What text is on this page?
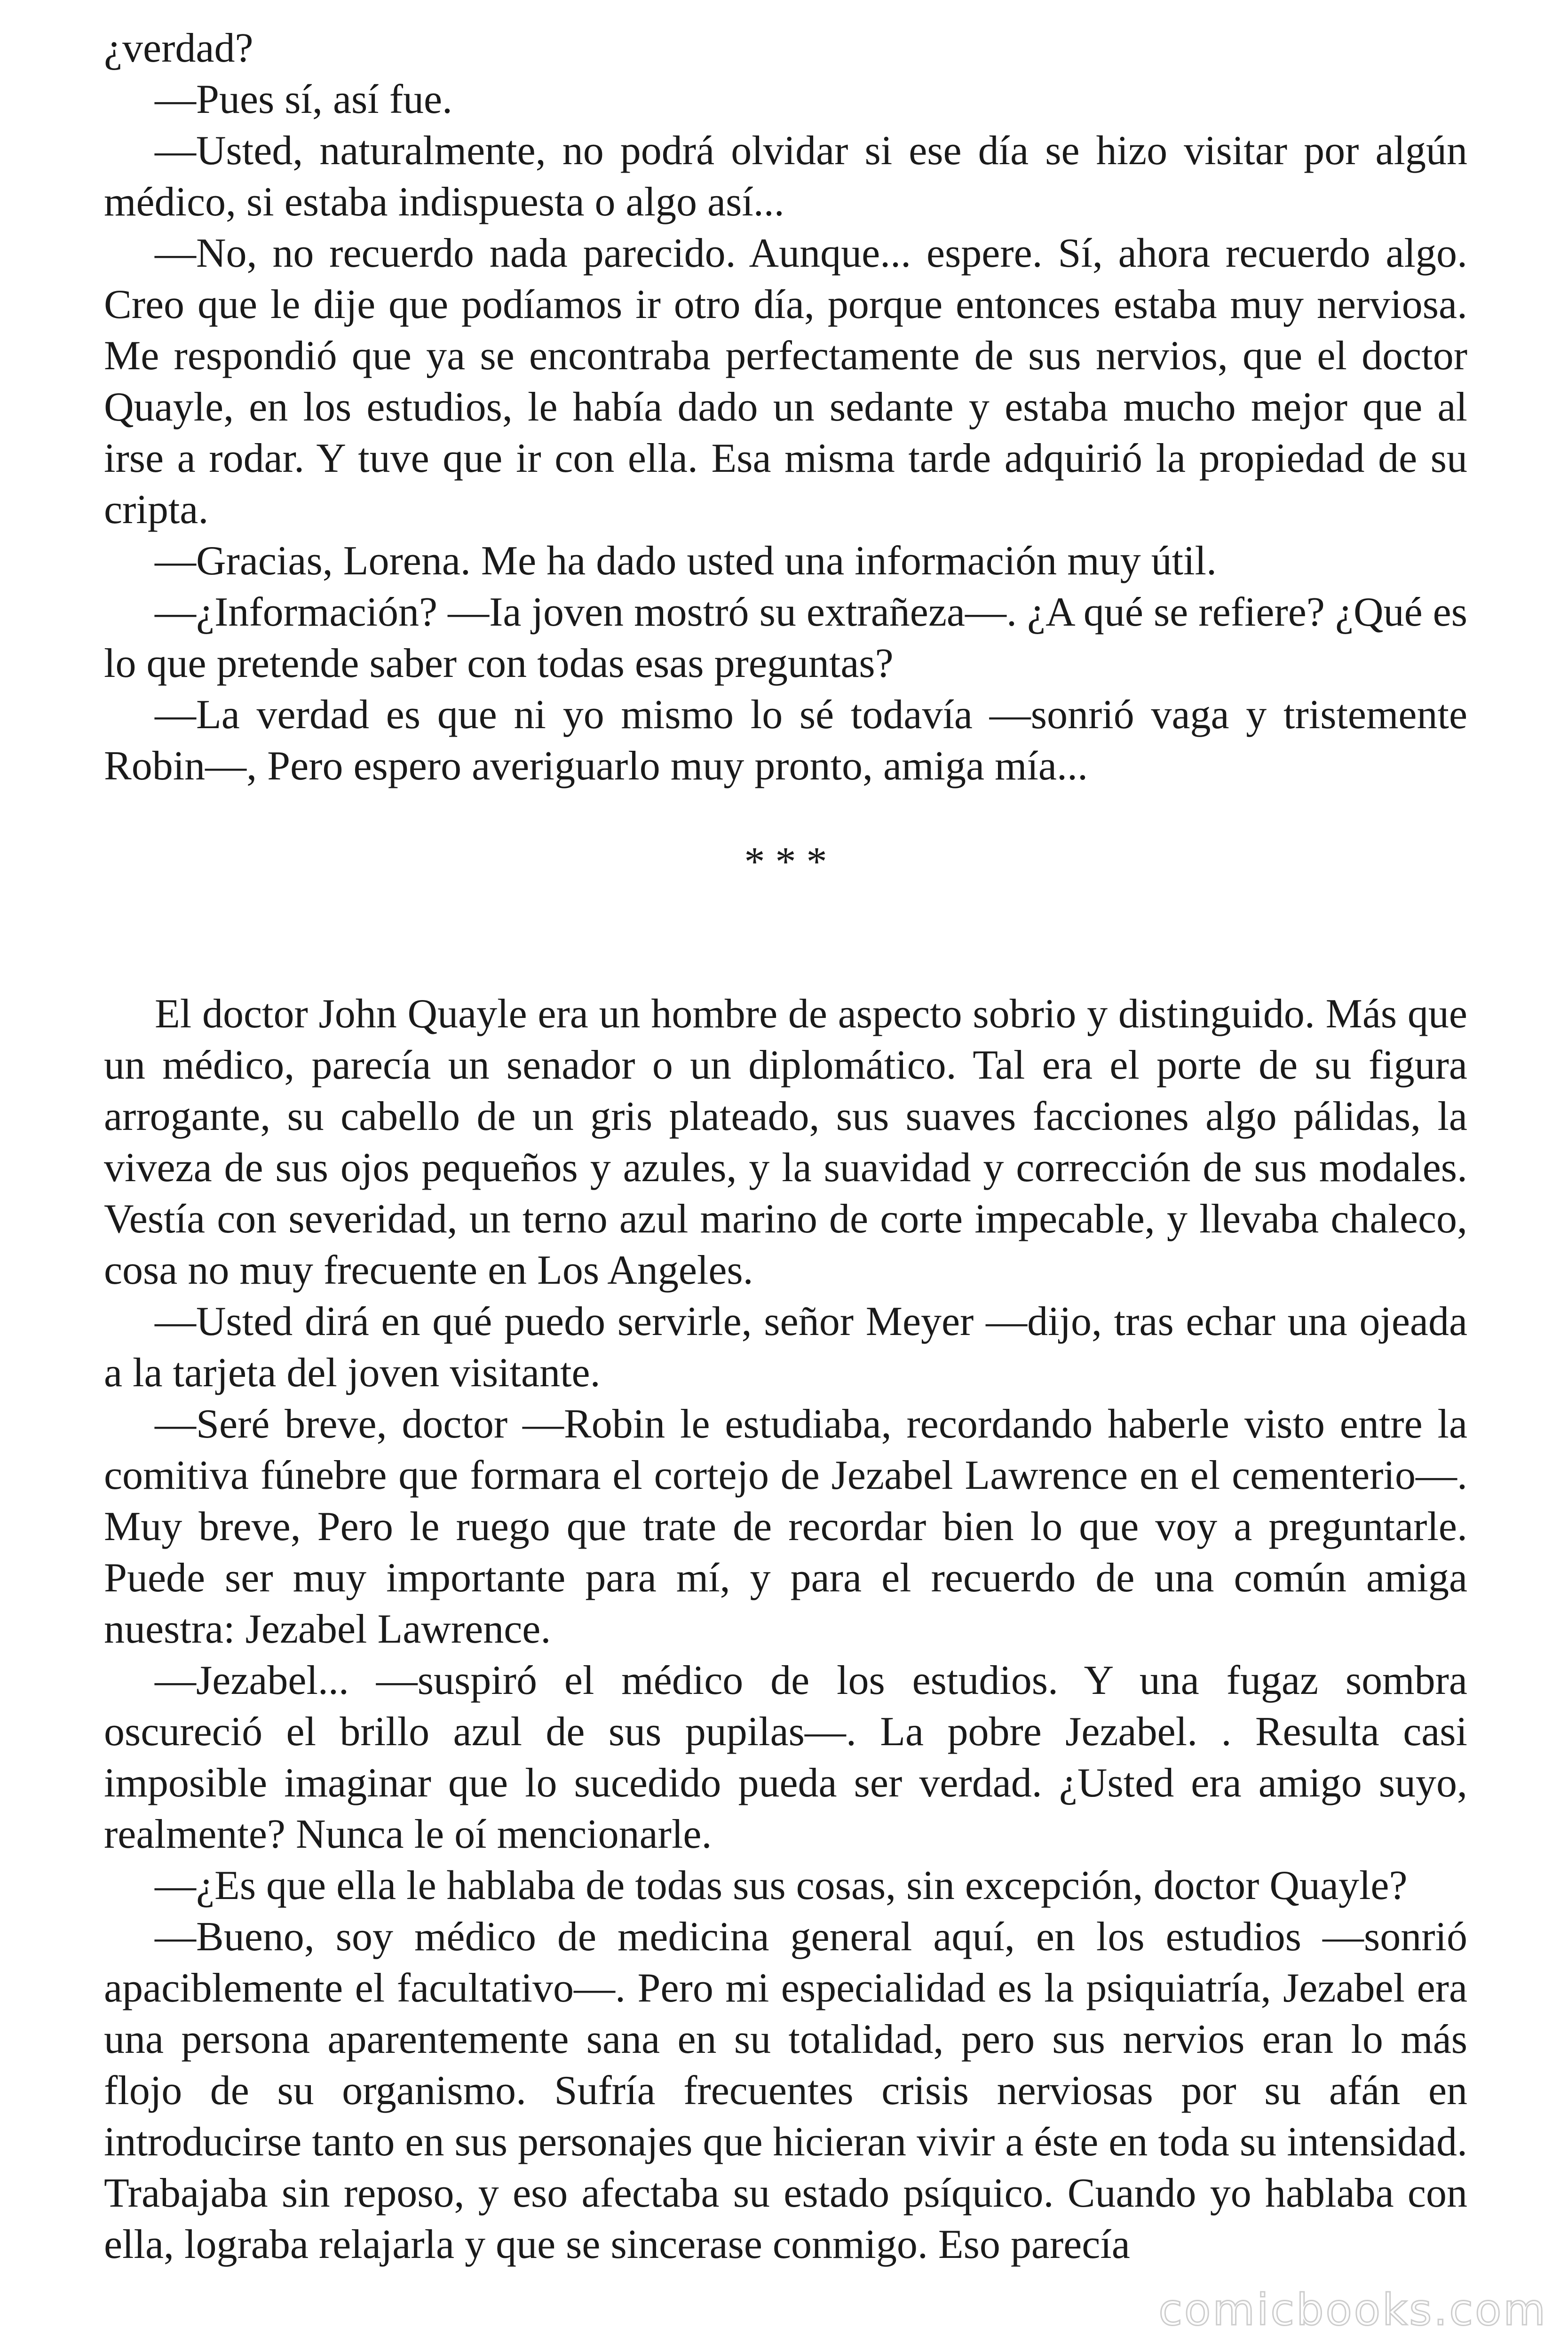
¿verdad?

—Pues sí, así fue.

—Usted, naturalmente, no podrá olvidar si ese día se hizo visitar por algún médico, si estaba indispuesta o algo así...

—No, no recuerdo nada parecido. Aunque... espere. Sí, ahora recuerdo algo. Creo que le dije que podíamos ir otro día, porque entonces estaba muy nerviosa. Me respondió que ya se encontraba perfectamente de sus nervios, que el doctor Quayle, en los estudios, le había dado un sedante y estaba mucho mejor que al irse a rodar. Y tuve que ir con ella. Esa misma tarde adquirió la propiedad de su cripta.

—Gracias, Lorena. Me ha dado usted una información muy útil.

—¿Información? —Ia joven mostró su extrañeza—. ¿A qué se refiere? ¿Qué es lo que pretende saber con todas esas preguntas?

—La verdad es que ni yo mismo lo sé todavía —sonrió vaga y tristemente Robin—, Pero espero averiguarlo muy pronto, amiga mía...

* * *

El doctor John Quayle era un hombre de aspecto sobrio y distinguido. Más que un médico, parecía un senador o un diplomático. Tal era el porte de su figura arrogante, su cabello de un gris plateado, sus suaves facciones algo pálidas, la viveza de sus ojos pequeños y azules, y la suavidad y corrección de sus modales. Vestía con severidad, un terno azul marino de corte impecable, y llevaba chaleco, cosa no muy frecuente en Los Angeles.

—Usted dirá en qué puedo servirle, señor Meyer —dijo, tras echar una ojeada a la tarjeta del joven visitante.

—Seré breve, doctor —Robin le estudiaba, recordando haberle visto entre la comitiva fúnebre que formara el cortejo de Jezabel Lawrence en el cementerio—. Muy breve, Pero le ruego que trate de recordar bien lo que voy a preguntarle. Puede ser muy importante para mí, y para el recuerdo de una común amiga nuestra: Jezabel Lawrence.

—Jezabel... —suspiró el médico de los estudios. Y una fugaz sombra oscureció el brillo azul de sus pupilas—. La pobre Jezabel. . Resulta casi imposible imaginar que lo sucedido pueda ser verdad. ¿Usted era amigo suyo, realmente? Nunca le oí mencionarle.

—¿Es que ella le hablaba de todas sus cosas, sin excepción, doctor Quayle?

—Bueno, soy médico de medicina general aquí, en los estudios —sonrió apaciblemente el facultativo—. Pero mi especialidad es la psiquiatría, Jezabel era una persona aparentemente sana en su totalidad, pero sus nervios eran lo más flojo de su organismo. Sufría frecuentes crisis nerviosas por su afán en introducirse tanto en sus personajes que hicieran vivir a éste en toda su intensidad. Trabajaba sin reposo, y eso afectaba su estado psíquico. Cuando yo hablaba con ella, lograba relajarla y que se sincerase conmigo. Eso parecía

comicbooks.com
